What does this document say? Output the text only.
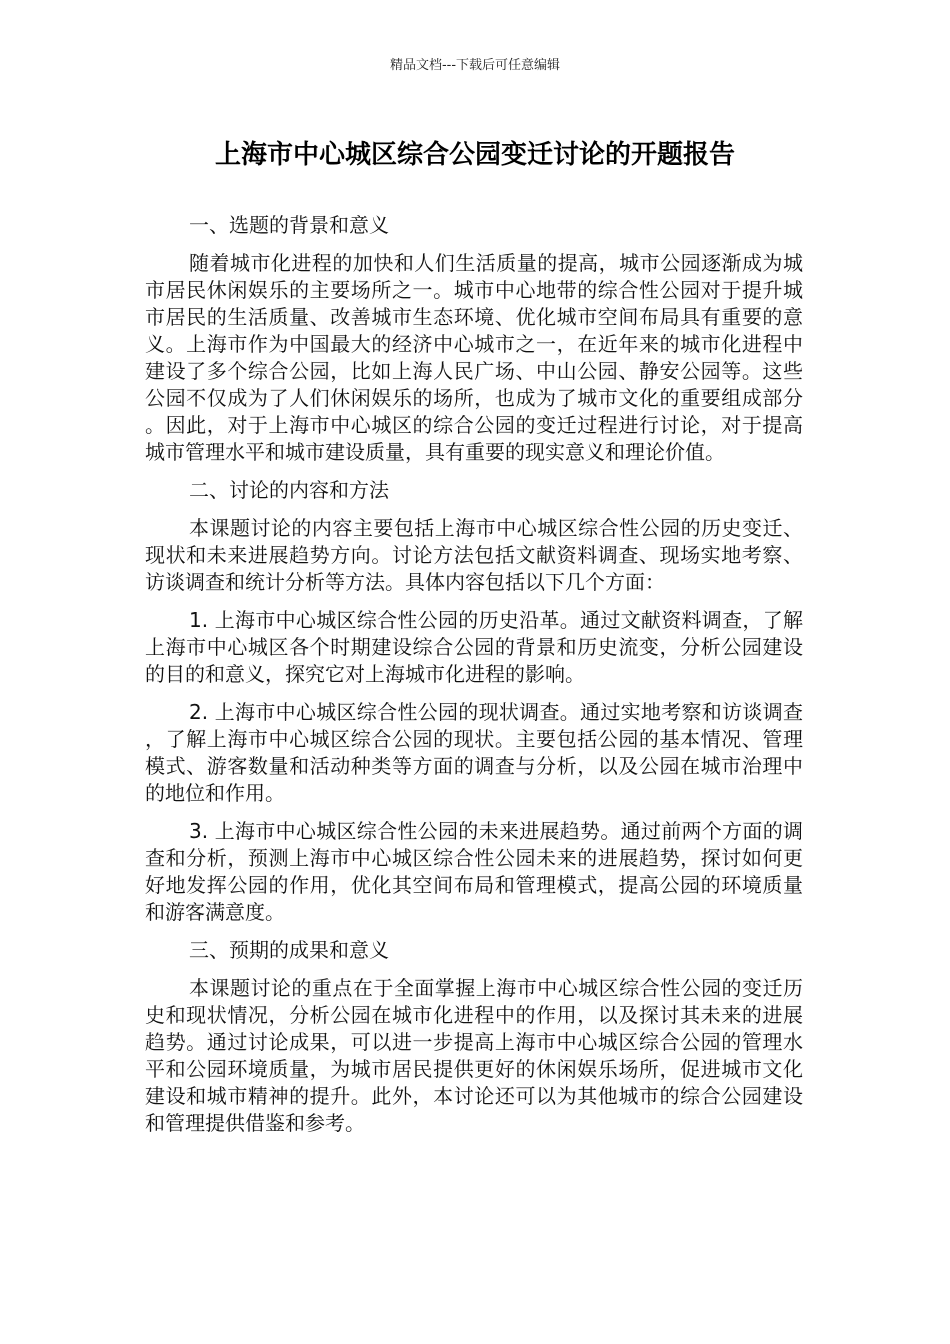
精品文档---下载后可任意编辑
上海市中心城区综合公园变迁讨论的开题报告

一、选题的背景和意义

随着城市化进程的加快和人们生活质量的提高，城市公园逐渐成为城市居民休闲娱乐的主要场所之一。城市中心地带的综合性公园对于提升城市居民的生活质量、改善城市生态环境、优化城市空间布局具有重要的意义。上海市作为中国最大的经济中心城市之一，在近年来的城市化进程中建设了多个综合公园，比如上海人民广场、中山公园、静安公园等。这些公园不仅成为了人们休闲娱乐的场所，也成为了城市文化的重要组成部分。因此，对于上海市中心城区的综合公园的变迁过程进行讨论，对于提高城市管理水平和城市建设质量，具有重要的现实意义和理论价值。

二、讨论的内容和方法

本课题讨论的内容主要包括上海市中心城区综合性公园的历史变迁、现状和未来进展趋势方向。讨论方法包括文献资料调查、现场实地考察、访谈调查和统计分析等方法。具体内容包括以下几个方面：

1. 上海市中心城区综合性公园的历史沿革。通过文献资料调查，了解上海市中心城区各个时期建设综合公园的背景和历史流变，分析公园建设的目的和意义，探究它对上海城市化进程的影响。

2. 上海市中心城区综合性公园的现状调查。通过实地考察和访谈调查，了解上海市中心城区综合公园的现状。主要包括公园的基本情况、管理模式、游客数量和活动种类等方面的调查与分析，以及公园在城市治理中的地位和作用。

3. 上海市中心城区综合性公园的未来进展趋势。通过前两个方面的调查和分析，预测上海市中心城区综合性公园未来的进展趋势，探讨如何更好地发挥公园的作用，优化其空间布局和管理模式，提高公园的环境质量和游客满意度。

三、预期的成果和意义

本课题讨论的重点在于全面掌握上海市中心城区综合性公园的变迁历史和现状情况，分析公园在城市化进程中的作用，以及探讨其未来的进展趋势。通过讨论成果，可以进一步提高上海市中心城区综合公园的管理水平和公园环境质量，为城市居民提供更好的休闲娱乐场所，促进城市文化建设和城市精神的提升。此外，本讨论还可以为其他城市的综合公园建设和管理提供借鉴和参考。
